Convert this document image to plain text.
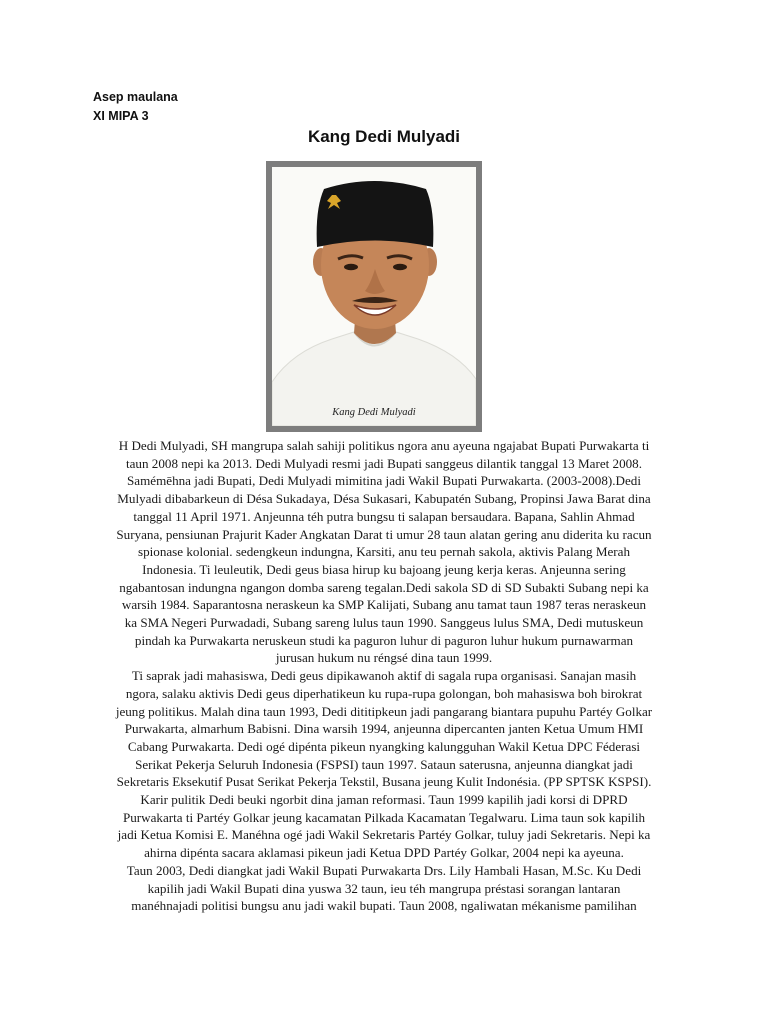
Asep maulana
XI MIPA 3
Kang Dedi Mulyadi
Kang Dedi Mulyadi
H Dedi Mulyadi, SH mangrupa salah sahiji politikus ngora anu ayeuna ngajabat Bupati Purwakarta ti
taun 2008 nepi ka 2013. Dedi Mulyadi resmi jadi Bupati sanggeus dilantik tanggal 13 Maret 2008.
Samémēhna jadi Bupati, Dedi Mulyadi mimitina jadi Wakil Bupati Purwakarta. (2003-2008).Dedi
Mulyadi dibabarkeun di Désa Sukadaya, Désa Sukasari, Kabupatén Subang, Propinsi Jawa Barat dina
tanggal 11 April 1971. Anjeunna téh putra bungsu ti salapan bersaudara. Bapana, Sahlin Ahmad
Suryana, pensiunan Prajurit Kader Angkatan Darat ti umur 28 taun alatan gering anu diderita ku racun
spionase kolonial. sedengkeun indungna, Karsiti, anu teu pernah sakola, aktivis Palang Merah
Indonesia. Ti leuleutik, Dedi geus biasa hirup ku bajoang jeung kerja keras. Anjeunna sering
ngabantosan indungna ngangon domba sareng tegalan.Dedi sakola SD di SD Subakti Subang nepi ka
warsih 1984. Saparantosna neraskeun ka SMP Kalijati, Subang anu tamat taun 1987 teras neraskeun
ka SMA Negeri Purwadadi, Subang sareng lulus taun 1990. Sanggeus lulus SMA, Dedi mutuskeun
pindah ka Purwakarta neruskeun studi ka paguron luhur di paguron luhur hukum purnawarman
jurusan hukum nu réngsé dina taun 1999.
Ti saprak jadi mahasiswa, Dedi geus dipikawanoh aktif di sagala rupa organisasi. Sanajan masih
ngora, salaku aktivis Dedi geus diperhatikeun ku rupa-rupa golongan, boh mahasiswa boh birokrat
jeung politikus. Malah dina taun 1993, Dedi dititipkeun jadi pangarang biantara pupuhu Partéy Golkar
Purwakarta, almarhum Babisni. Dina warsih 1994, anjeunna dipercanten janten Ketua Umum HMI
Cabang Purwakarta. Dedi ogé dipénta pikeun nyangking kalungguhan Wakil Ketua DPC Féderasi
Serikat Pekerja Seluruh Indonesia (FSPSI) taun 1997. Sataun saterusna, anjeunna diangkat jadi
Sekretaris Eksekutif Pusat Serikat Pekerja Tekstil, Busana jeung Kulit Indonésia. (PP SPTSK KSPSI).
Karir pulitik Dedi beuki ngorbit dina jaman reformasi. Taun 1999 kapilih jadi korsi di DPRD
Purwakarta ti Partéy Golkar jeung kacamatan Pilkada Kacamatan Tegalwaru. Lima taun sok kapilih
jadi Ketua Komisi E. Manéhna ogé jadi Wakil Sekretaris Partéy Golkar, tuluy jadi Sekretaris. Nepi ka
ahirna dipénta sacara aklamasi pikeun jadi Ketua DPD Partéy Golkar, 2004 nepi ka ayeuna.
Taun 2003, Dedi diangkat jadi Wakil Bupati Purwakarta Drs. Lily Hambali Hasan, M.Sc. Ku Dedi
kapilih jadi Wakil Bupati dina yuswa 32 taun, ieu téh mangrupa préstasi sorangan lantaran
manéhnajadi politisi bungsu anu jadi wakil bupati. Taun 2008, ngaliwatan mékanisme pamilihan
